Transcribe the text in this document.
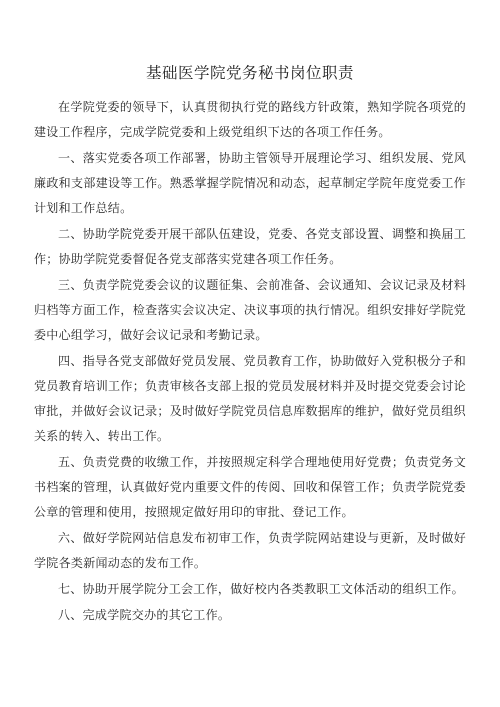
基础医学院党务秘书岗位职责

在学院党委的领导下，认真贯彻执行党的路线方针政策，熟知学院各项党的建设工作程序，完成学院党委和上级党组织下达的各项工作任务。

一、落实党委各项工作部署，协助主管领导开展理论学习、组织发展、党风廉政和支部建设等工作。熟悉掌握学院情况和动态，起草制定学院年度党委工作计划和工作总结。

二、协助学院党委开展干部队伍建设，党委、各党支部设置、调整和换届工作；协助学院党委督促各党支部落实党建各项工作任务。

三、负责学院党委会议的议题征集、会前准备、会议通知、会议记录及材料归档等方面工作，检查落实会议决定、决议事项的执行情况。组织安排好学院党委中心组学习，做好会议记录和考勤记录。

四、指导各党支部做好党员发展、党员教育工作，协助做好入党积极分子和党员教育培训工作；负责审核各支部上报的党员发展材料并及时提交党委会讨论审批，并做好会议记录；及时做好学院党员信息库数据库的维护，做好党员组织关系的转入、转出工作。

五、负责党费的收缴工作，并按照规定科学合理地使用好党费；负责党务文书档案的管理，认真做好党内重要文件的传阅、回收和保管工作；负责学院党委公章的管理和使用，按照规定做好用印的审批、登记工作。

六、做好学院网站信息发布初审工作，负责学院网站建设与更新，及时做好学院各类新闻动态的发布工作。

七、协助开展学院分工会工作，做好校内各类教职工文体活动的组织工作。

八、完成学院交办的其它工作。
